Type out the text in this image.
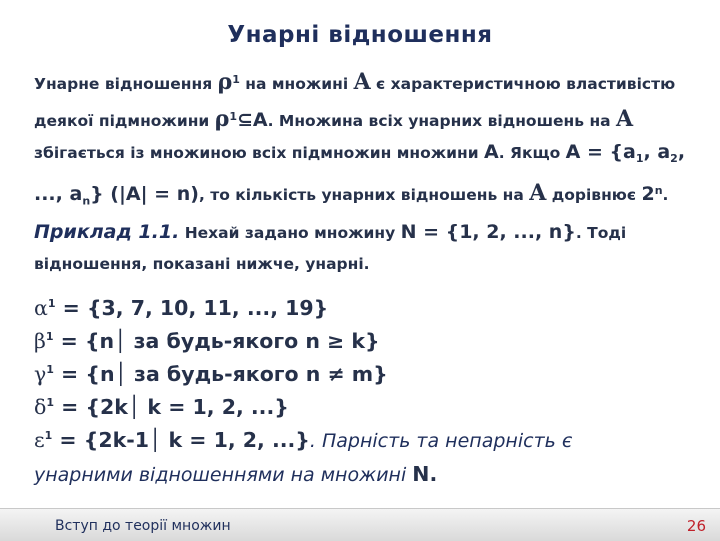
Унарні відношення
Унарне відношення $\rho^1$ на множині A є характеристичною властивістю деякої підмножини $\rho^1⊆A$. Множина всіх унарних відношень на A збігається із множиною всіх підмножин множини A. Якщо $A = \{a_1$, $a_2$, ..., $a_n$} (|A| = n), то кількість унарних відношень на A дорівнює 2$^n$.
Приклад 1.1. Нехай задано множину N = {1, 2, ..., n}. Тоді відношення, показані нижче, унарні.
$\alpha^1 = \{3$, 7, 10, 11, ..., 19}
$\beta^1$ = {n│ за будь-якого n ≥ k}
$\gamma^1$ = {n│ за будь-якого n ≠ m}
$\delta^1$ = {2k│ k = 1, 2, ...}
$\varepsilon^1$ = {2k-1│ k = 1, 2, ...}. Парність та непарність є
унарними відношеннями на множині N.
Вступ до теорії множин	26
